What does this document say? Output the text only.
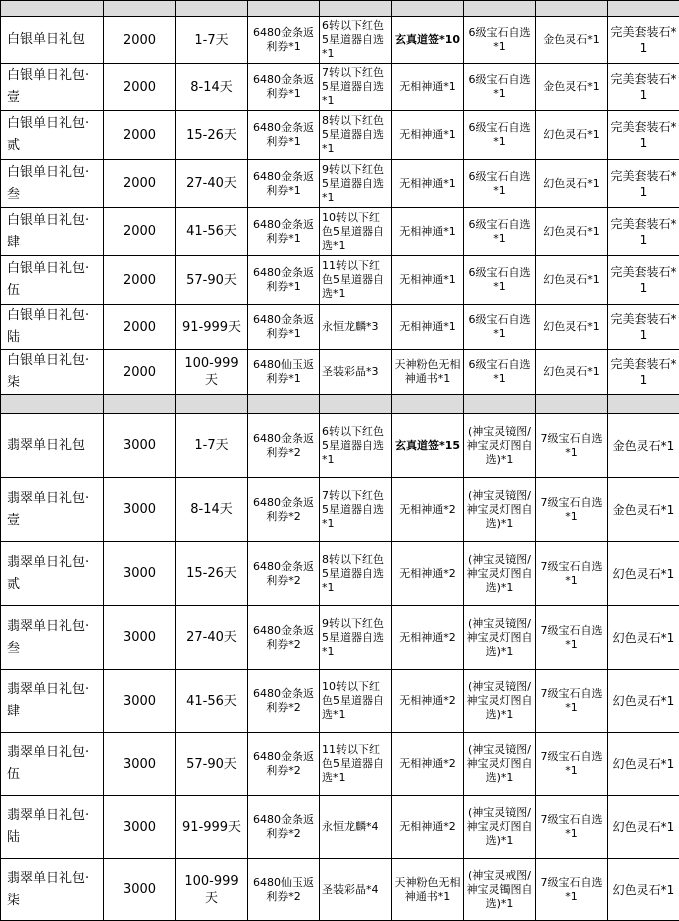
白银单日礼包	2000	1-7天	6480金条返利券*1	6转以下红色5星道器自选*1	玄真道签*10	6级宝石自选*1	金色灵石*1	完美套装石*1
白银单日礼包·壹	2000	8-14天	6480金条返利券*1	7转以下红色5星道器自选*1	无相神通*1	6级宝石自选*1	金色灵石*1	完美套装石*1
白银单日礼包·贰	2000	15-26天	6480金条返利券*1	8转以下红色5星道器自选*1	无相神通*1	6级宝石自选*1	幻色灵石*1	完美套装石*1
白银单日礼包·叁	2000	27-40天	6480金条返利券*1	9转以下红色5星道器自选*1	无相神通*1	6级宝石自选*1	幻色灵石*1	完美套装石*1
白银单日礼包·肆	2000	41-56天	6480金条返利券*1	10转以下红色5星道器自选*1	无相神通*1	6级宝石自选*1	幻色灵石*1	完美套装石*1
白银单日礼包·伍	2000	57-90天	6480金条返利券*1	11转以下红色5星道器自选*1	无相神通*1	6级宝石自选*1	幻色灵石*1	完美套装石*1
白银单日礼包·陆	2000	91-999天	6480金条返利券*1	永恒龙麟*3	无相神通*1	6级宝石自选*1	幻色灵石*1	完美套装石*1
白银单日礼包·柒	2000	100-999天	6480仙玉返利券*1	圣装彩晶*3	天神粉色无相神通书*1	6级宝石自选*1	幻色灵石*1	完美套装石*1

翡翠单日礼包	3000	1-7天	6480金条返利券*2	6转以下红色5星道器自选*1	玄真道签*15	(神宝灵镜图/神宝灵灯图自选)*1	7级宝石自选*1	金色灵石*1
翡翠单日礼包·壹	3000	8-14天	6480金条返利券*2	7转以下红色5星道器自选*1	无相神通*2	(神宝灵镜图/神宝灵灯图自选)*1	7级宝石自选*1	金色灵石*1
翡翠单日礼包·贰	3000	15-26天	6480金条返利券*2	8转以下红色5星道器自选*1	无相神通*2	(神宝灵镜图/神宝灵灯图自选)*1	7级宝石自选*1	幻色灵石*1
翡翠单日礼包·叁	3000	27-40天	6480金条返利券*2	9转以下红色5星道器自选*1	无相神通*2	(神宝灵镜图/神宝灵灯图自选)*1	7级宝石自选*1	幻色灵石*1
翡翠单日礼包·肆	3000	41-56天	6480金条返利券*2	10转以下红色5星道器自选*1	无相神通*2	(神宝灵镜图/神宝灵灯图自选)*1	7级宝石自选*1	幻色灵石*1
翡翠单日礼包·伍	3000	57-90天	6480金条返利券*2	11转以下红色5星道器自选*1	无相神通*2	(神宝灵镜图/神宝灵灯图自选)*1	7级宝石自选*1	幻色灵石*1
翡翠单日礼包·陆	3000	91-999天	6480金条返利券*2	永恒龙麟*4	无相神通*2	(神宝灵镜图/神宝灵灯图自选)*1	7级宝石自选*1	幻色灵石*1
翡翠单日礼包·柒	3000	100-999天	6480仙玉返利券*2	圣装彩晶*4	天神粉色无相神通书*1	(神宝灵戒图/神宝灵镯图自选)*1	7级宝石自选*1	幻色灵石*1
